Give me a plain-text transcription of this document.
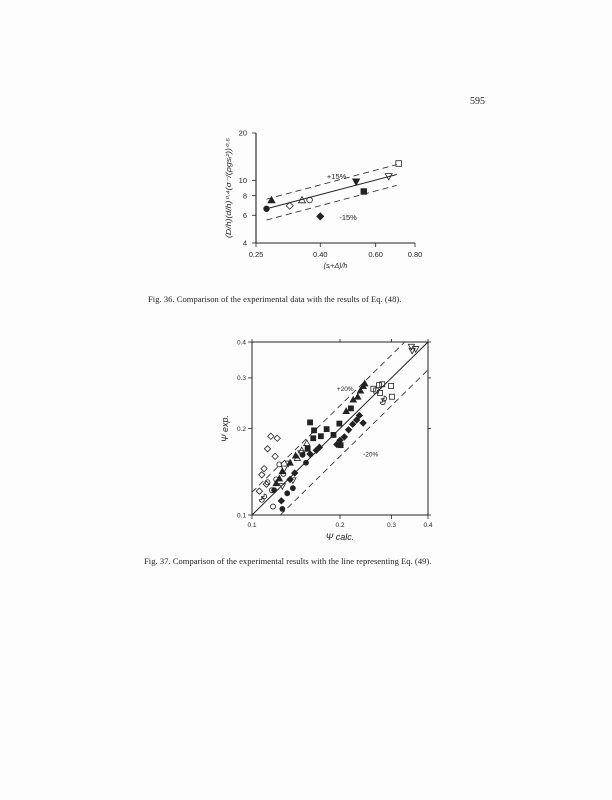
595
0.25	0.40	0.60	0.80
4
6
8
10
20
+15%
-15%
(sᵢ+Δ)/h
(D/h)(d/h)⁰·⁴(σ⁻/(ρgsᵢ²))⁰·⁶
Fig. 36. Comparison of the experimental data with the results of Eq. (48).
0.1	0.2	0.3	0.4
0.1
0.2
0.3
0.4
+20%
-20%
Ψ calc.
Ψ exp.
Fig. 37. Comparison of the experimental results with the line representing Eq. (49).
